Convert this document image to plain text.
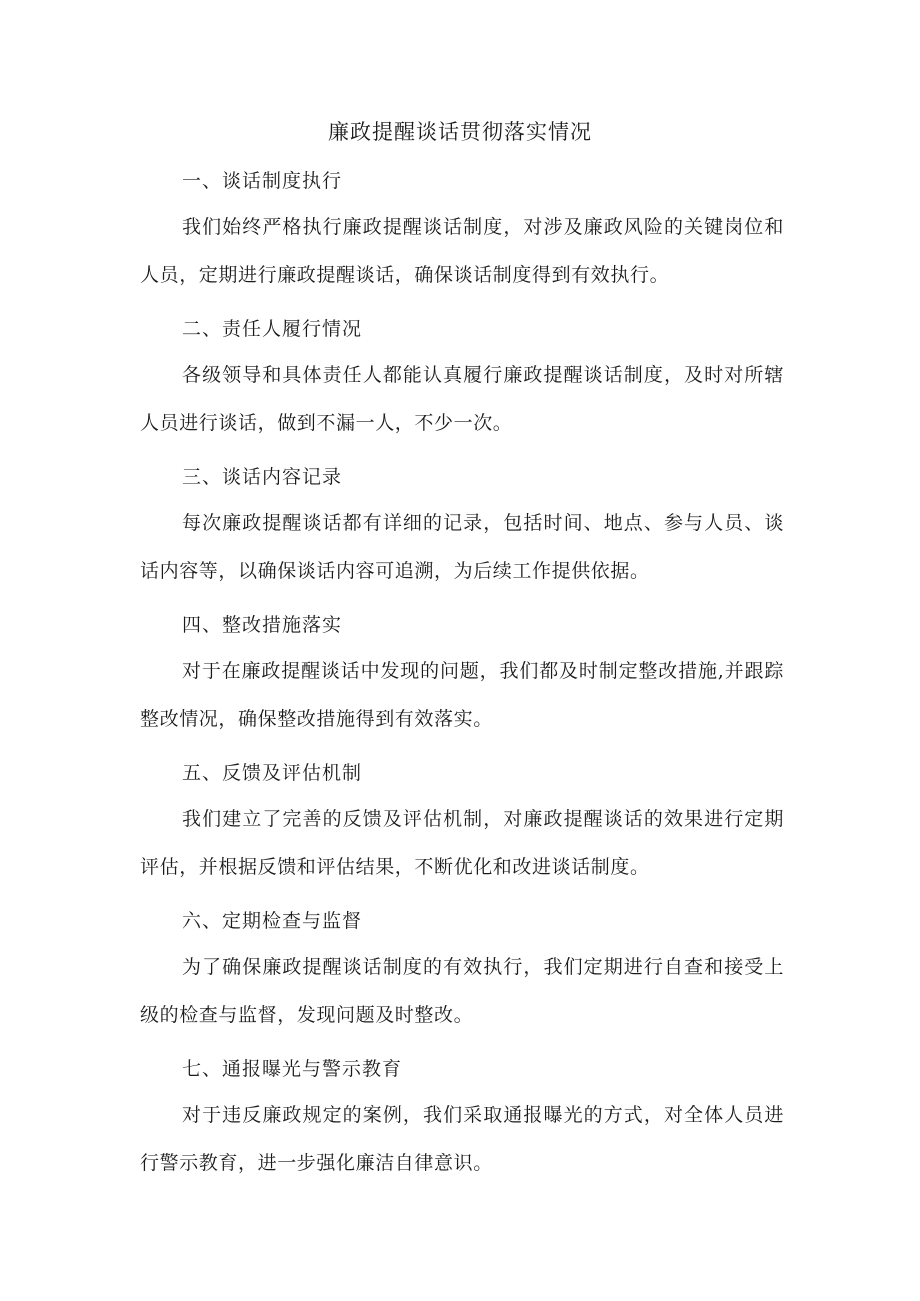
廉政提醒谈话贯彻落实情况

一、谈话制度执行

我们始终严格执行廉政提醒谈话制度，对涉及廉政风险的关键岗位和人员，定期进行廉政提醒谈话，确保谈话制度得到有效执行。

二、责任人履行情况

各级领导和具体责任人都能认真履行廉政提醒谈话制度，及时对所辖人员进行谈话，做到不漏一人，不少一次。

三、谈话内容记录

每次廉政提醒谈话都有详细的记录，包括时间、地点、参与人员、谈话内容等，以确保谈话内容可追溯，为后续工作提供依据。

四、整改措施落实

对于在廉政提醒谈话中发现的问题，我们都及时制定整改措施,并跟踪整改情况，确保整改措施得到有效落实。

五、反馈及评估机制

我们建立了完善的反馈及评估机制，对廉政提醒谈话的效果进行定期评估，并根据反馈和评估结果，不断优化和改进谈话制度。

六、定期检查与监督

为了确保廉政提醒谈话制度的有效执行，我们定期进行自查和接受上级的检查与监督，发现问题及时整改。

七、通报曝光与警示教育

对于违反廉政规定的案例，我们采取通报曝光的方式，对全体人员进行警示教育，进一步强化廉洁自律意识。
